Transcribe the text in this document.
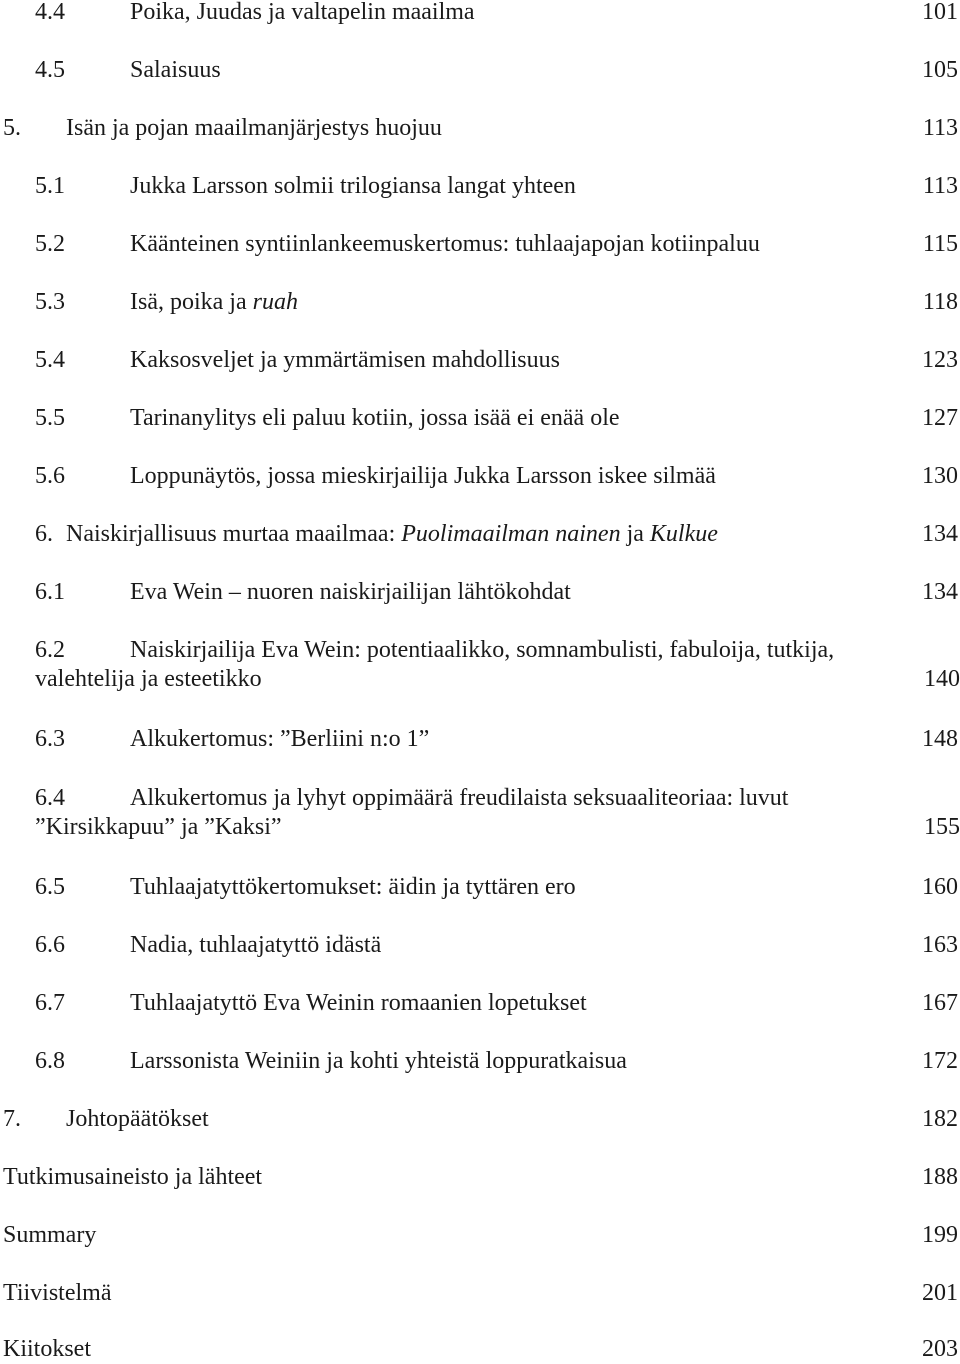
4.4	Poika, Juudas ja valtapelin maailma	101
4.5	Salaisuus	105
5. Isän ja pojan maailmanjärjestys huojuu	113
5.1	Jukka Larsson solmii trilogiansa langat yhteen	113
5.2	Käänteinen syntiinlankeemuskertomus: tuhlaajapojan kotiinpaluu	115
5.3	Isä, poika ja ruah	118
5.4	Kaksosveljet ja ymmärtämisen mahdollisuus	123
5.5	Tarinanylitys eli paluu kotiin, jossa isää ei enää ole	127
5.6	Loppunäytös, jossa mieskirjailija Jukka Larsson iskee silmää	130
6. Naiskirjallisuus murtaa maailmaa: Puolimaailman nainen ja Kulkue	134
6.1	Eva Wein – nuoren naiskirjailijan lähtökohdat	134
6.2	Naiskirjailija Eva Wein: potentiaalikko, somnambulisti, fabuloija, tutkija,
valehtelija ja esteetikko	140
6.3	Alkukertomus: ”Berliini n:o 1”	148
6.4	Alkukertomus ja lyhyt oppimäärä freudilaista seksuaaliteoriaa: luvut
”Kirsikkapuu” ja ”Kaksi”	155
6.5	Tuhlaajatyttökertomukset: äidin ja tyttären ero	160
6.6	Nadia, tuhlaajatyttö idästä	163
6.7	Tuhlaajatyttö Eva Weinin romaanien lopetukset	167
6.8	Larssonista Weiniin ja kohti yhteistä loppuratkaisua	172
7. Johtopäätökset	182
Tutkimusaineisto ja lähteet	188
Summary	199
Tiivistelmä	201
Kiitokset	203
